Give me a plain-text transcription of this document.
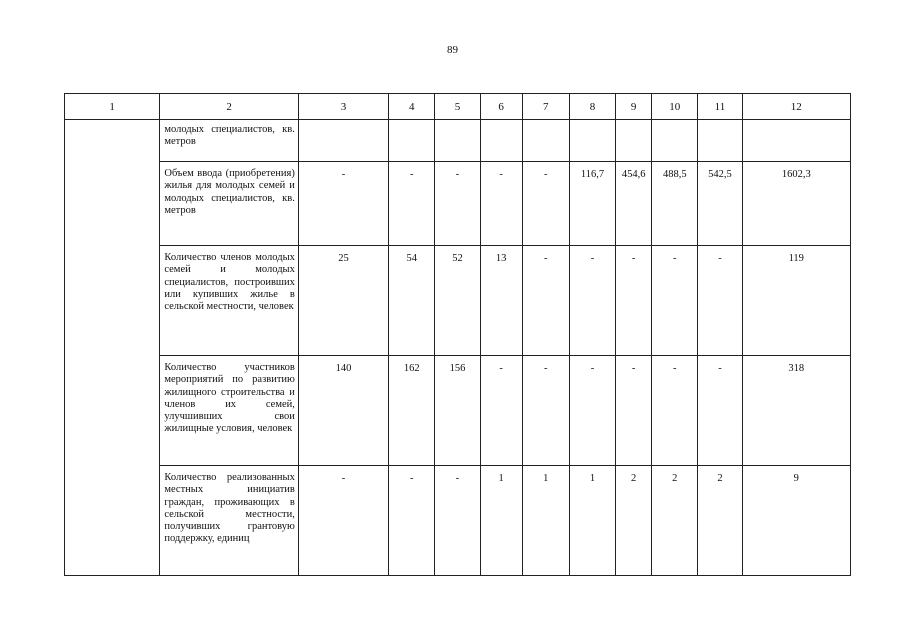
89
1	2	3	4	5	6	7	8	9	10	11	12
	молодых специалистов, кв. метров										
	Объем ввода (приобретения) жилья для молодых семей и молодых специалистов, кв. метров	-	-	-	-	-	116,7	454,6	488,5	542,5	1602,3
	Количество членов молодых семей и молодых специалистов, построивших или купивших жилье в сельской местности, человек	25	54	52	13	-	-	-	-	-	119
	Количество участников мероприятий по развитию жилищного строительства и членов их семей, улучшивших свои жилищные условия, человек	140	162	156	-	-	-	-	-	-	318
	Количество реализованных местных инициатив граждан, проживающих в сельской местности, получивших грантовую поддержку, единиц	-	-	-	1	1	1	2	2	2	9
